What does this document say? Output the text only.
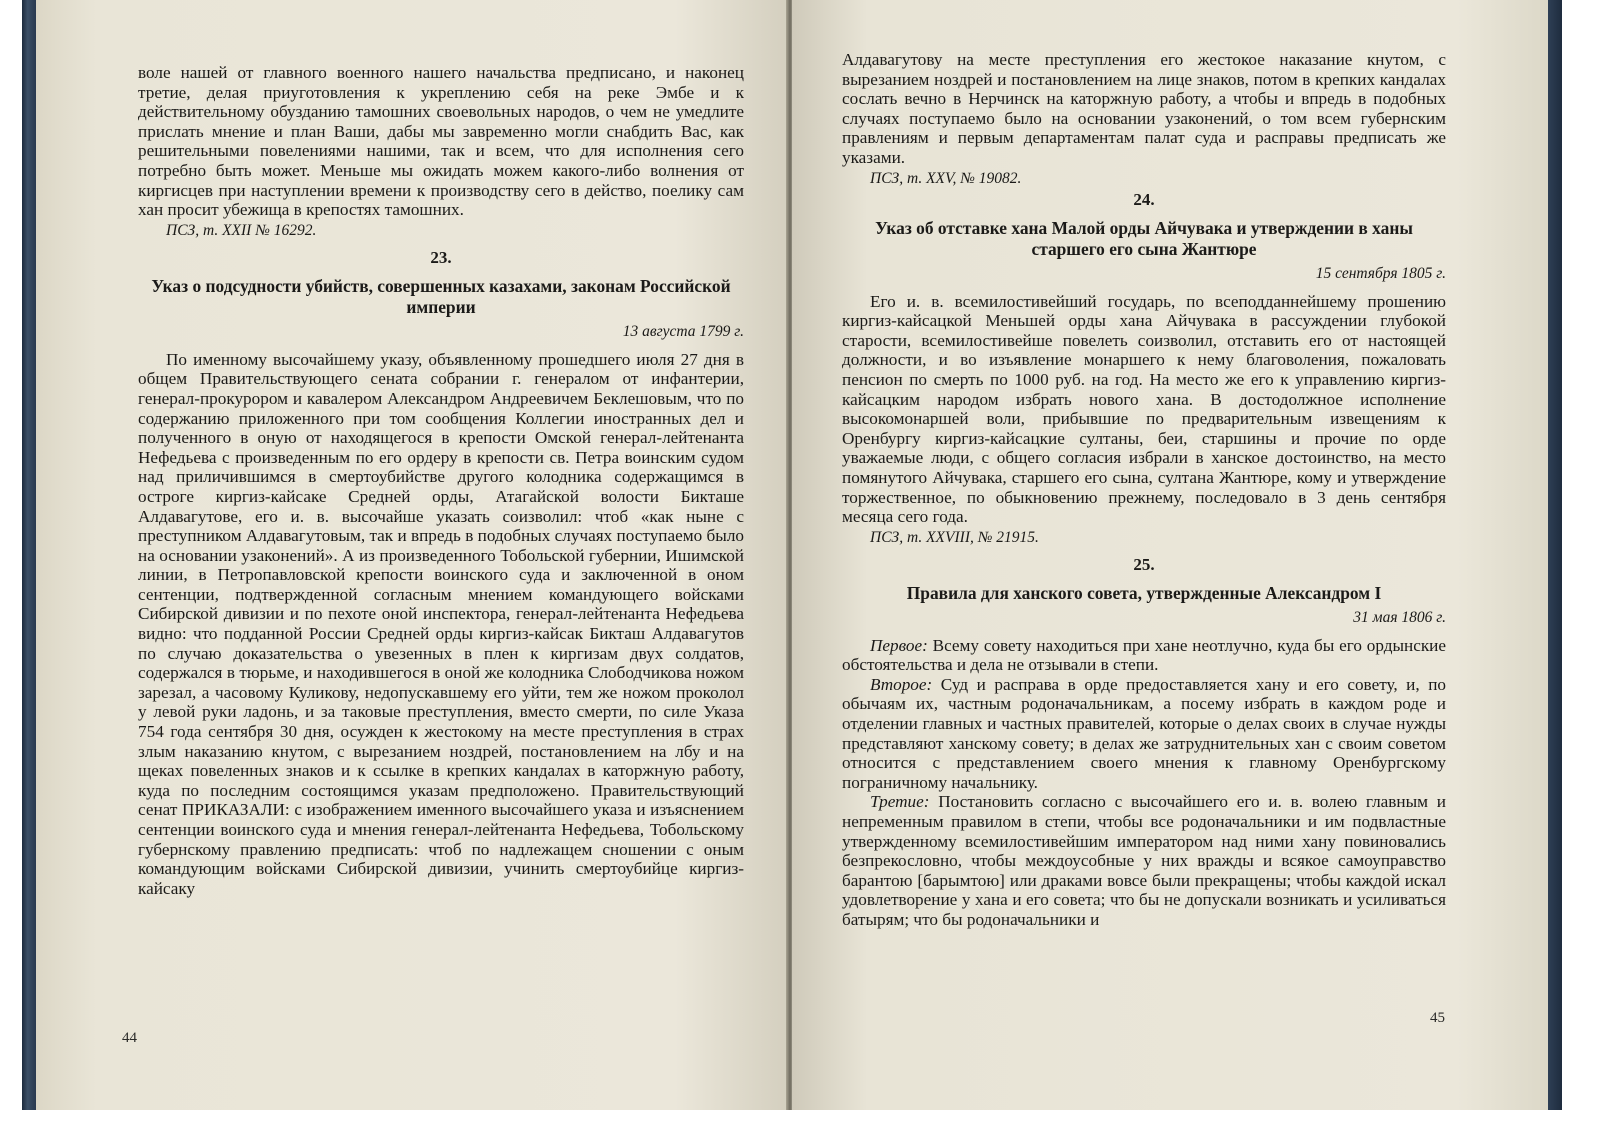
воле нашей от главного военного нашего начальства предписано, и наконец третие, делая приуготовления к укреплению себя на реке Эмбе и к действительному обузданию тамошних своевольных народов, о чем не умедлите прислать мнение и план Ваши, дабы мы завременно могли снабдить Вас, как решительными повелениями нашими, так и всем, что для исполнения сего потребно быть может. Меньше мы ожидать можем какого-либо волнения от киргисцев при наступлении времени к производству сего в действо, поелику сам хан просит убежища в крепостях тамошних.

ПСЗ, т. XXII № 16292.

23.

Указ о подсудности убийств, совершенных казахами, законам Российской империи

13 августа 1799 г.

По именному высочайшему указу, объявленному прошедшего июля 27 дня в общем Правительствующего сената собрании г. генералом от инфантерии, генерал-прокурором и кавалером Александром Андреевичем Беклешовым, что по содержанию приложенного при том сообщения Коллегии иностранных дел и полученного в оную от находящегося в крепости Омской генерал-лейтенанта Нефедьева с произведенным по его ордеру в крепости св. Петра воинским судом над приличившимся в смертоубийстве другого колодника содержащимся в остроге киргиз-кайсаке Средней орды, Атагайской волости Бикташе Алдавагутове, его и. в. высочайше указать соизволил: чтоб «как ныне с преступником Алдавагутовым, так и впредь в подобных случаях поступаемо было на основании узаконений». А из произведенного Тобольской губернии, Ишимской линии, в Петропавловской крепости воинского суда и заключенной в оном сентенции, подтвержденной согласным мнением командующего войсками Сибирской дивизии и по пехоте оной инспектора, генерал-лейтенанта Нефедьева видно: что подданной России Средней орды киргиз-кайсак Бикташ Алдавагутов по случаю доказательства о увезенных в плен к киргизам двух солдатов, содержался в тюрьме, и находившегося в оной же колодника Слободчикова ножом зарезал, а часовому Куликову, недопускавшему его уйти, тем же ножом проколол у левой руки ладонь, и за таковые преступления, вместо смерти, по силе Указа 754 года сентября 30 дня, осужден к жестокому на месте преступления в страх злым наказанию кнутом, с вырезанием ноздрей, постановлением на лбу и на щеках повеленных знаков и к ссылке в крепких кандалах в каторжную работу, куда по последним состоящимся указам предположено. Правительствующий сенат ПРИКАЗАЛИ: с изображением именного высочайшего указа и изъяснением сентенции воинского суда и мнения генерал-лейтенанта Нефедьева, Тобольскому губернскому правлению предписать: чтоб по надлежащем сношении с оным командующим войсками Сибирской дивизии, учинить смертоубийце киргиз-кайсаку

44

Алдавагутову на месте преступления его жестокое наказание кнутом, с вырезанием ноздрей и постановлением на лице знаков, потом в крепких кандалах сослать вечно в Нерчинск на каторжную работу, а чтобы и впредь в подобных случаях поступаемо было на основании узаконений, о том всем губернским правлениям и первым департаментам палат суда и расправы предписать же указами.

ПСЗ, т. XXV, № 19082.

24.

Указ об отставке хана Малой орды Айчувака и утверждении в ханы старшего его сына Жантюре

15 сентября 1805 г.

Его и. в. всемилостивейший государь, по всеподданнейшему прошению киргиз-кайсацкой Меньшей орды хана Айчувака в рассуждении глубокой старости, всемилостивейше повелеть соизволил, отставить его от настоящей должности, и во изъявление монаршего к нему благоволения, пожаловать пенсион по смерть по 1000 руб. на год. На место же его к управлению киргиз-кайсацким народом избрать нового хана. В достодолжное исполнение высокомонаршей воли, прибывшие по предварительным извещениям к Оренбургу киргиз-кайсацкие султаны, беи, старшины и прочие по орде уважаемые люди, с общего согласия избрали в ханское достоинство, на место помянутого Айчувака, старшего его сына, султана Жантюре, кому и утверждение торжественное, по обыкновению прежнему, последовало в 3 день сентября месяца сего года.

ПСЗ, т. XXVIII, № 21915.

25.

Правила для ханского совета, утвержденные Александром I

31 мая 1806 г.

Первое: Всему совету находиться при хане неотлучно, куда бы его ордынские обстоятельства и дела не отзывали в степи.

Второе: Суд и расправа в орде предоставляется хану и его совету, и, по обычаям их, частным родоначальникам, а посему избрать в каждом роде и отделении главных и частных правителей, которые о делах своих в случае нужды представляют ханскому совету; в делах же затруднительных хан с своим советом относится с представлением своего мнения к главному Оренбургскому пограничному начальнику.

Третие: Постановить согласно с высочайшего его и. в. волею главным и непременным правилом в степи, чтобы все родоначальники и им подвластные утвержденному всемилостивейшим императором над ними хану повиновались безпрекословно, чтобы междоусобные у них вражды и всякое самоуправство барантою [барымтою] или драками вовсе были прекращены; чтобы каждой искал удовлетворение у хана и его совета; что бы не допускали возникать и усиливаться батырям; что бы родоначальники и

45
